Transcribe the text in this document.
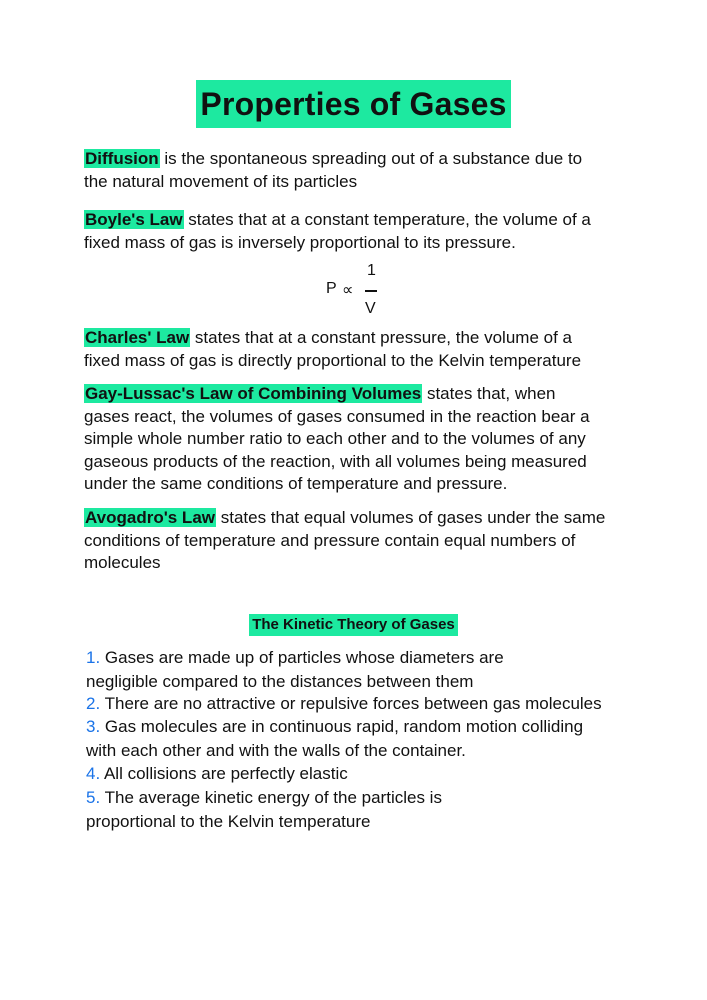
Properties of Gases

Diffusion is the spontaneous spreading out of a substance due to
the natural movement of its particles

Boyle's Law states that at a constant temperature, the volume of a
fixed mass of gas is inversely proportional to its pressure.

P ∝
1
V

Charles' Law states that at a constant pressure, the volume of a
fixed mass of gas is directly proportional to the Kelvin temperature

Gay-Lussac's Law of Combining Volumes states that, when
gases react, the volumes of gases consumed in the reaction bear a
simple whole number ratio to each other and to the volumes of any
gaseous products of the reaction, with all volumes being measured
under the same conditions of temperature and pressure.

Avogadro's Law states that equal volumes of gases under the same
conditions of temperature and pressure contain equal numbers of
molecules

The Kinetic Theory of Gases

1. Gases are made up of particles whose diameters are
negligible compared to the distances between them

2. There are no attractive or repulsive forces between gas molecules

3. Gas molecules are in continuous rapid, random motion colliding
with each other and with the walls of the container.

4. All collisions are perfectly elastic

5. The average kinetic energy of the particles is
proportional to the Kelvin temperature
